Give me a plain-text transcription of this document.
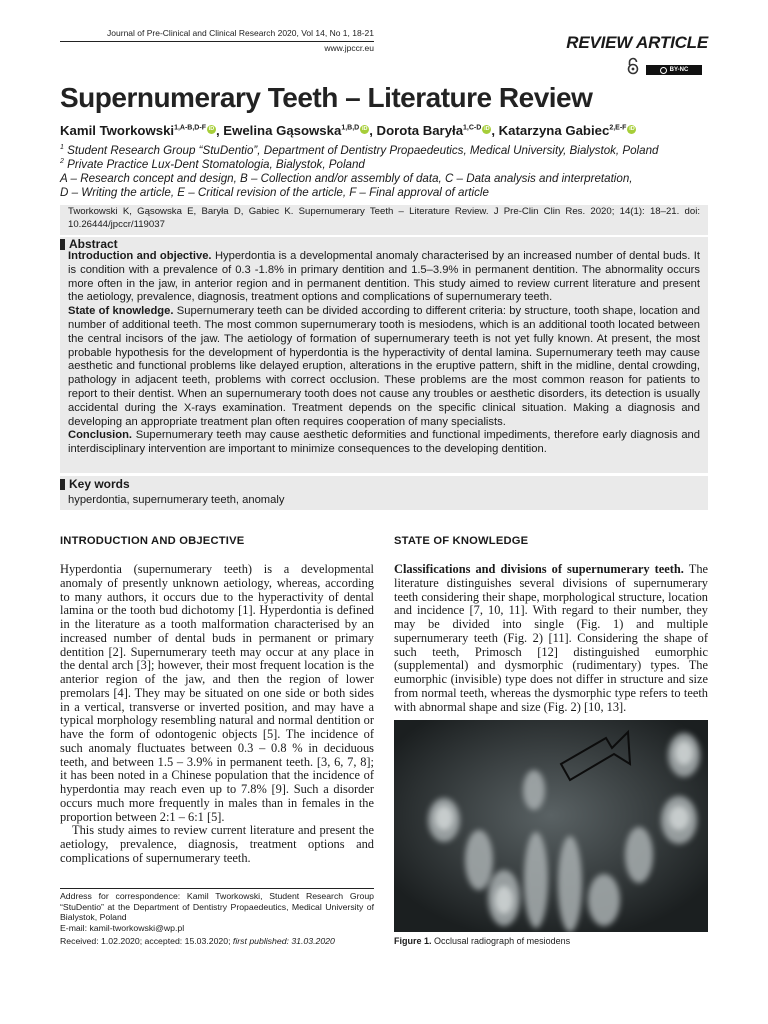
Journal of Pre-Clinical and Clinical Research 2020, Vol 14, No 1, 18-21
www.jpccr.eu	REVIEW ARTICLE
BY-NC
Supernumerary Teeth – Literature Review
Kamil Tworkowski$^{1,A-B,D-F}$ iD , Ewelina Gąsowska$^{1,B,D}$ iD , Dorota Baryła$^{1,C-D}$ iD , Katarzyna Gabiec$^{2,E-F}$ iD
$^1$ Student Research Group “StuDentio”, Department of Dentistry Propaedeutics, Medical University, Bialystok, Poland
$^2$ Private Practice Lux-Dent Stomatologia, Bialystok, Poland
A – Research concept and design, B – Collection and/or assembly of data, C – Data analysis and interpretation,
D – Writing the article, E – Critical revision of the article, F – Final approval of article
Tworkowski K, Gąsowska E, Baryła D, Gabiec K. Supernumerary Teeth – Literature Review. J Pre-Clin Clin Res. 2020; 14(1): 18–21. doi: 10.26444/jpccr/119037
Abstract
Introduction and objective. Hyperdontia is a developmental anomaly characterised by an increased number of dental buds. It is condition with a prevalence of 0.3 -1.8% in primary dentition and 1.5–3.9% in permanent dentition. The abnormality occurs more often in the jaw, in anterior region and in permanent dentition. This study aimed to review current literature and present the aetiology, prevalence, diagnosis, treatment options and complications of supernumerary teeth.
State of knowledge. Supernumerary teeth can be divided according to different criteria: by structure, tooth shape, location and number of additional teeth. The most common supernumerary tooth is mesiodens, which is an additional tooth located between the central incisors of the jaw. The aetiology of formation of supernumerary teeth is not yet fully known. At present, the most probable hypothesis for the development of hyperdontia is the hyperactivity of dental lamina. Supernumerary teeth may cause aesthetic and functional problems like delayed eruption, alterations in the eruptive pattern, shift in the midline, dental crowding, pathology in adjacent teeth, problems with correct occlusion. These problems are the most common reason for patients to report to their dentist. When an supernumerary tooth does not cause any troubles or aesthetic disorders, its detection is usually accidental during the X-rays examination. Treatment depends on the specific clinical situation. Making a diagnosis and developing an appropriate treatment plan often requires cooperation of many specialists.
Conclusion. Supernumerary teeth may cause aesthetic deformities and functional impediments, therefore early diagnosis and interdisciplinary intervention are important to minimize consequences to the developing dentition.
Key words
hyperdontia, supernumerary teeth, anomaly
INTRODUCTION AND OBJECTIVE

Hyperdontia (supernumerary teeth) is a developmental anomaly of presently unknown aetiology, whereas, according to many authors, it occurs due to the hyperactivity of dental lamina or the tooth bud dichotomy [1]. Hyperdontia is defined in the literature as a tooth malformation characterised by an increased number of dental buds in permanent or primary dentition [2]. Supernumerary teeth may occur at any place in the dental arch [3]; however, their most frequent location is the anterior region of the jaw, and then the region of lower premolars [4]. They may be situated on one side or both sides in a vertical, transverse or inverted position, and may have a typical morphology resembling natural and normal dentition or have the form of odontogenic objects [5]. The incidence of such anomaly fluctuates between 0.3 – 0.8 % in deciduous teeth, and between 1.5 – 3.9% in permanent teeth. [3, 6, 7, 8]; it has been noted in a Chinese population that the incidence of hyperdontia may reach even up to 7.8% [9]. Such a disorder occurs much more frequently in males than in females in the proportion between 2:1 – 6:1 [5].

This study aimes to review current literature and present the aetiology, prevalence, diagnosis, treatment options and complications of supernumerary teeth.

STATE OF KNOWLEDGE

Classifications and divisions of supernumerary teeth. The literature distinguishes several divisions of supernumerary teeth considering their shape, morphological structure, location and incidence [7, 10, 11]. With regard to their number, they may be divided into single (Fig. 1) and multiple supernumerary teeth (Fig. 2) [11]. Considering the shape of such teeth, Primosch [12] distinguished eumorphic (supplemental) and dysmorphic (rudimentary) types. The eumorphic (invisible) type does not differ in structure and size from normal teeth, whereas the dysmorphic type refers to teeth with abnormal shape and size (Fig. 2) [10, 13].

Figure 1. Occlusal radiograph of mesiodens
Address for correspondence: Kamil Tworkowski, Student Research Group “StuDentio” at the Department of Dentistry Propaedeutics, Medical University of Bialystok, Poland
E-mail: kamil-tworkowski@wp.pl
Received: 1.02.2020; accepted: 15.03.2020; first published: 31.03.2020
